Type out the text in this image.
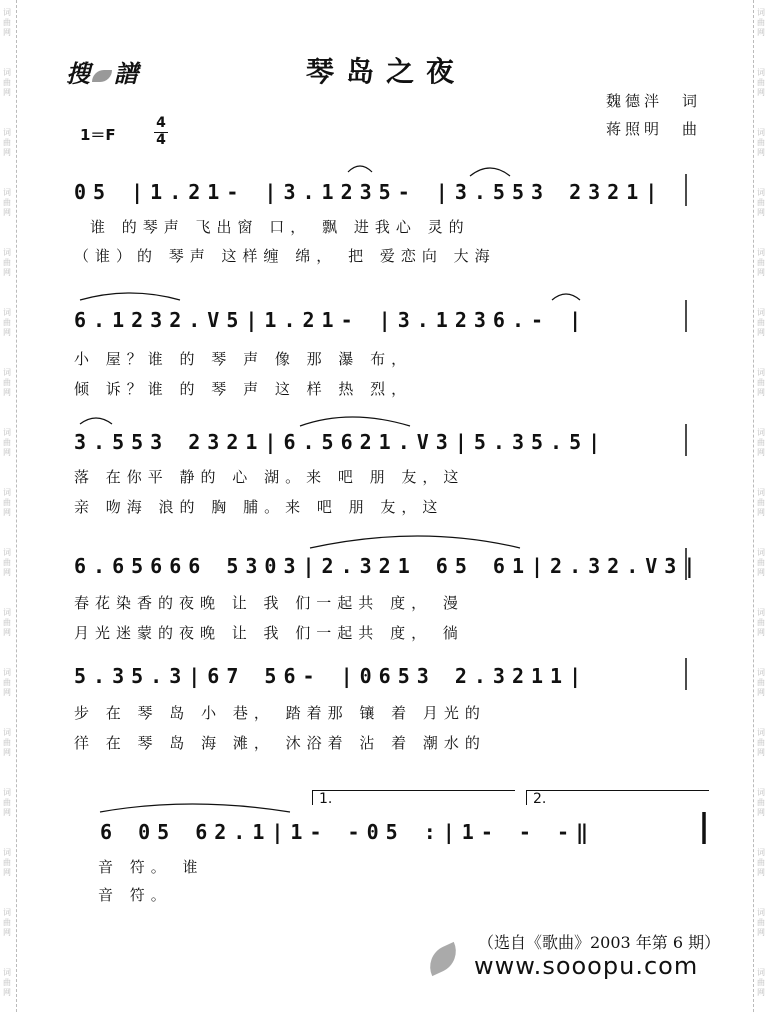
词
曲
网
词
曲
网
词
曲
网
词
曲
网
词
曲
网
词
曲
网
词
曲
网
词
曲
网
词
曲
网
词
曲
网
词
曲
网
词
曲
网
词
曲
网
词
曲
网
词
曲
网
词
曲
网
词
曲
网
词
曲
网
词
曲
网
词
曲
网
词
曲
网
词
曲
网
词
曲
网
词
曲
网
词
曲
网
词
曲
网
词
曲
网
词
曲
网
词
曲
网
词
曲
网
词
曲
网
词
曲
网
词
曲
网
词
曲
网
搜 譜	琴岛之夜
魏德泮　词
蒋照明　曲
1＝F
4
4
05 |1.21- |3.1235- |3.553 2321|
谁 的琴声 飞出窗 口， 飘 进我心 灵的
（谁）的 琴声 这样缠 绵， 把 爱恋向 大海
6.1232.V5|1.21- |3.1236.- |
小 屋？谁 的 琴 声 像 那 瀑 布，
倾 诉？谁 的 琴 声 这 样 热 烈，
3.553 2321|6.5621.V3|5.35.5|
落 在你平 静的 心 湖。来 吧 朋 友，这
亲 吻海 浪的 胸 脯。来 吧 朋 友，这
6.65666 5303|2.321 65 61|2.32.V3|
春花染香的夜晚 让 我 们一起共 度， 漫
月光迷蒙的夜晚 让 我 们一起共 度， 徜
5.35.3|67 56- |0653 2.3211|
步 在 琴 岛 小 巷， 踏着那 镶 着 月光的
徉 在 琴 岛 海 滩， 沐浴着 沾 着 潮水的
1.	2.
6 05 62.1|1- -05 :|1- - -‖
音 符。 谁
音 符。
（选自《歌曲》2003 年第 6 期）
www.sooopu.com
